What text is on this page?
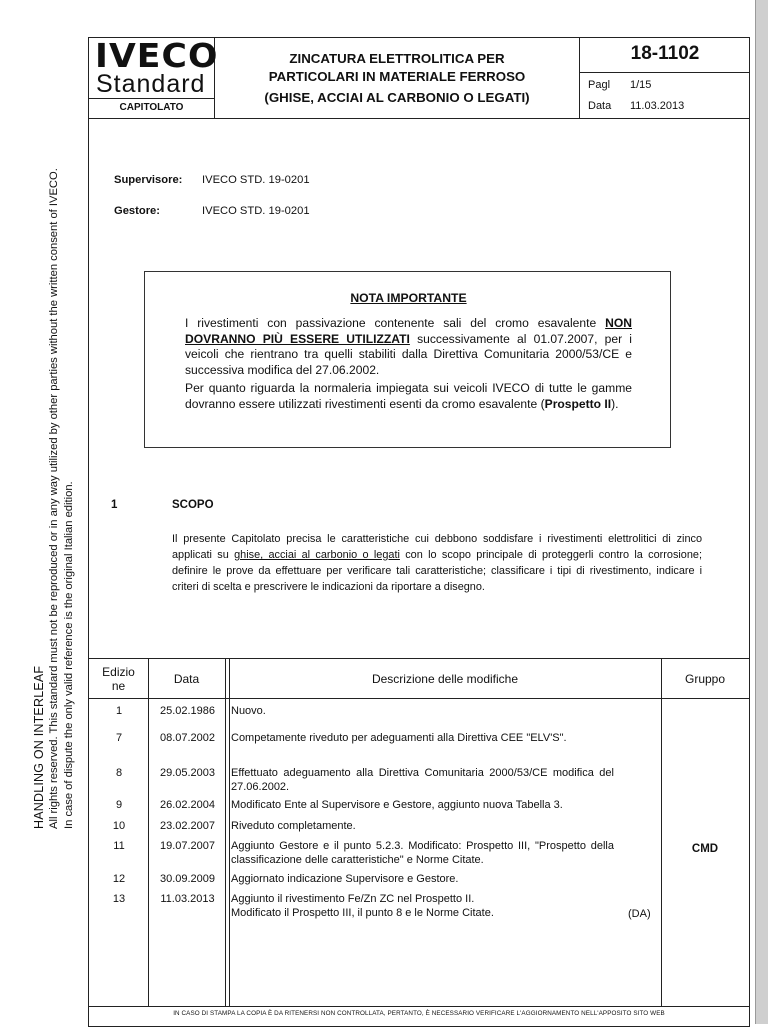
HANDLING ON INTERLEAF All rights reserved. This standard must not be reproduced or in any way utilized by other parties without the written consent of IVECO. In case of dispute the only valid reference is the original Italian edition.
IVECO
Standard
CAPITOLATO
ZINCATURA ELETTROLITICA PER
PARTICOLARI IN MATERIALE FERROSO
(GHISE, ACCIAI AL CARBONIO O LEGATI)
18-1102
Pagl 1/15
Data 11.03.2013
Supervisore: IVECO STD. 19-0201
Gestore:	IVECO STD. 19-0201
NOTA IMPORTANTE
I rivestimenti con passivazione contenente sali del cromo esavalente NON DOVRANNO PIÙ ESSERE UTILIZZATI successivamente al 01.07.2007, per i veicoli che rientrano tra quelli stabiliti dalla Direttiva Comunitaria 2000/53/CE e successiva modifica del 27.06.2002.
Per quanto riguarda la normaleria impiegata sui veicoli IVECO di tutte le gamme dovranno essere utilizzati rivestimenti esenti da cromo esavalente (Prospetto II).
1	SCOPO
Il presente Capitolato precisa le caratteristiche cui debbono soddisfare i rivestimenti elettrolitici di zinco applicati su ghise, acciai al carbonio o legati con lo scopo principale di proteggerli contro la corrosione; definire le prove da effettuare per verificare tali caratteristiche; classificare i tipi di rivestimento, indicare i criteri di scelta e prescrivere le indicazioni da riportare a disegno.
Edizione	Data	Descrizione delle modifiche	Gruppo
1	25.02.1986	Nuovo.
7	08.07.2002	Competamente riveduto per adeguamenti alla Direttiva CEE "ELV'S".
8	29.05.2003	Effettuato adeguamento alla Direttiva Comunitaria 2000/53/CE modifica del 27.06.2002.
9	26.02.2004	Modificato Ente al Supervisore e Gestore, aggiunto nuova Tabella 3.
10	23.02.2007	Riveduto completamente.
11	19.07.2007	Aggiunto Gestore e il punto 5.2.3. Modificato: Prospetto III, "Prospetto della classificazione delle caratteristiche" e Norme Citate.
12	30.09.2009	Aggiornato indicazione Supervisore e Gestore.
13	11.03.2013	Aggiunto il rivestimento Fe/Zn ZC nel Prospetto II.
Modificato il Prospetto III, il punto 8 e le Norme Citate.	(DA)
CMD
IN CASO DI STAMPA LA COPIA È DA RITENERSI NON CONTROLLATA, PERTANTO, È NECESSARIO VERIFICARE L'AGGIORNAMENTO NELL'APPOSITO SITO WEB
